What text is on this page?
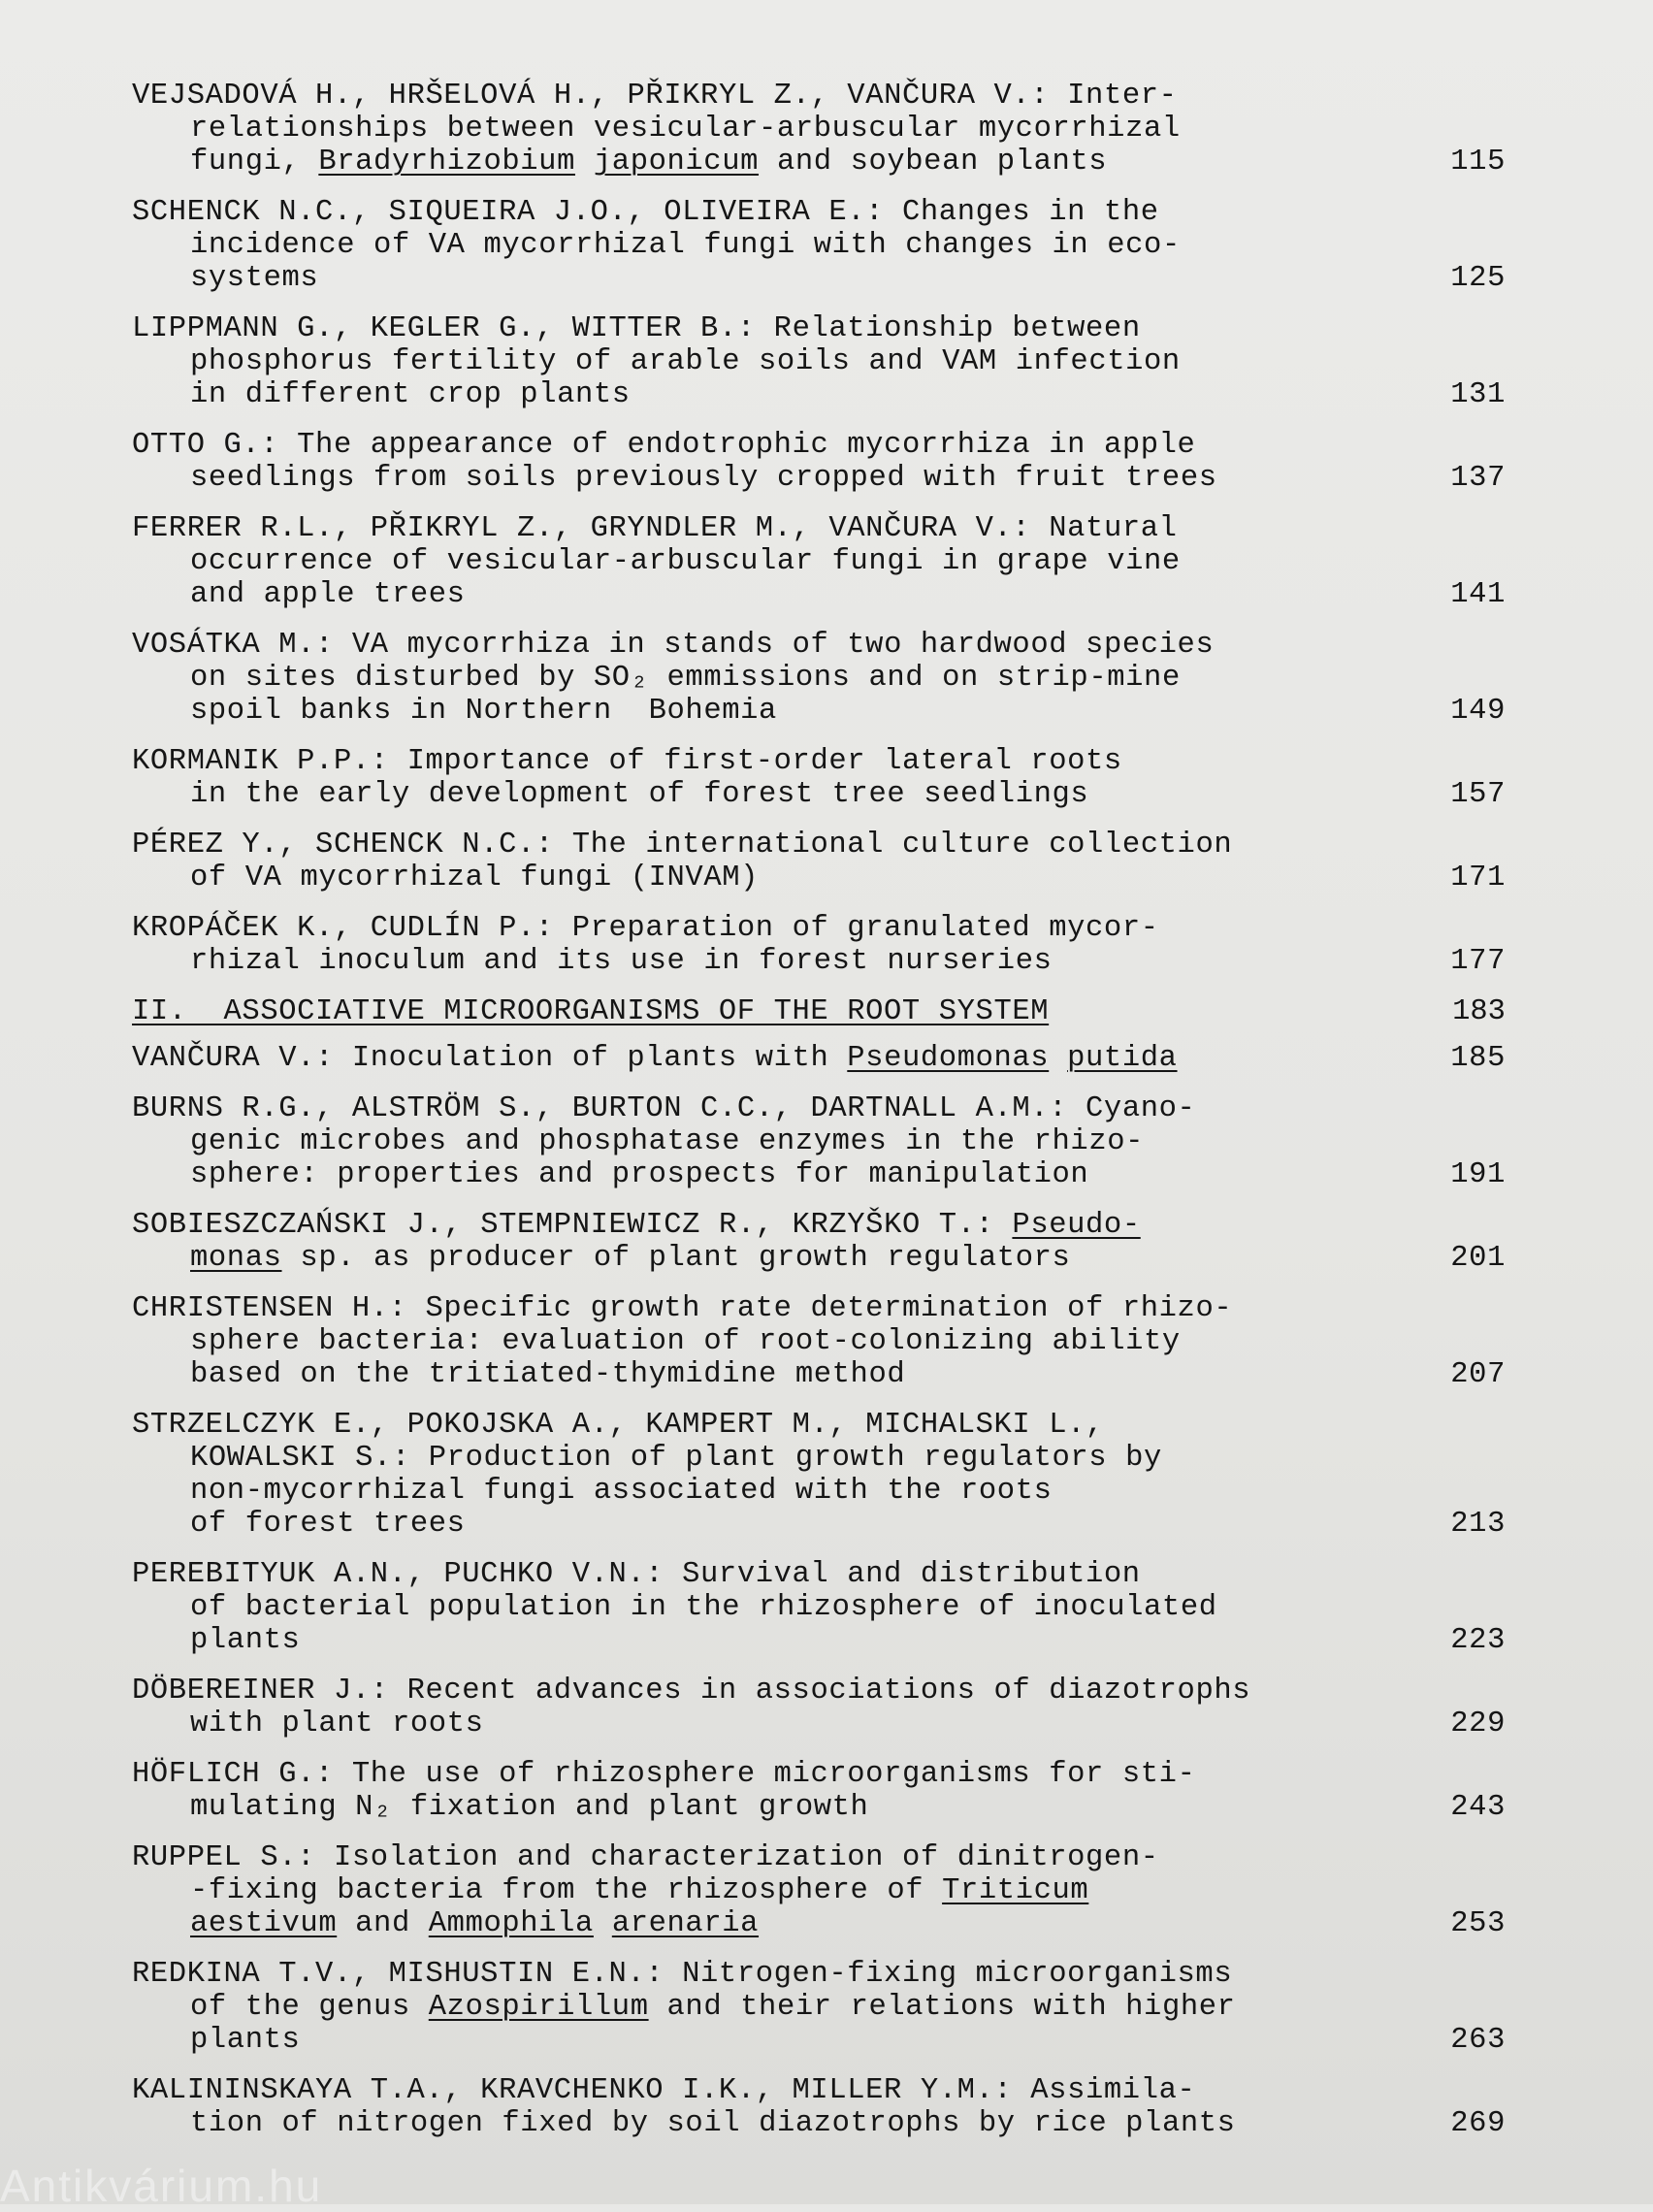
VEJSADOVÁ H., HRŠELOVÁ H., PŘIKRYL Z., VANČURA V.: Inter-
relationships between vesicular-arbuscular mycorrhizal
fungi, Bradyrhizobium japonicum and soybean plants	115
SCHENCK N.C., SIQUEIRA J.O., OLIVEIRA E.: Changes in the
incidence of VA mycorrhizal fungi with changes in eco-
systems	125
LIPPMANN G., KEGLER G., WITTER B.: Relationship between
phosphorus fertility of arable soils and VAM infection
in different crop plants	131
OTTO G.: The appearance of endotrophic mycorrhiza in apple
seedlings from soils previously cropped with fruit trees	137
FERRER R.L., PŘIKRYL Z., GRYNDLER M., VANČURA V.: Natural
occurrence of vesicular-arbuscular fungi in grape vine
and apple trees	141
VOSÁTKA M.: VA mycorrhiza in stands of two hardwood species
on sites disturbed by SO₂ emmissions and on strip-mine
spoil banks in Northern Bohemia	149
KORMANIK P.P.: Importance of first-order lateral roots
in the early development of forest tree seedlings	157
PÉREZ Y., SCHENCK N.C.: The international culture collection
of VA mycorrhizal fungi (INVAM)	171
KROPÁČEK K., CUDLÍN P.: Preparation of granulated mycor-
rhizal inoculum and its use in forest nurseries	177
II.  ASSOCIATIVE MICROORGANISMS OF THE ROOT SYSTEM	183
VANČURA V.: Inoculation of plants with Pseudomonas putida	185
BURNS R.G., ALSTRÖM S., BURTON C.C., DARTNALL A.M.: Cyano-
genic microbes and phosphatase enzymes in the rhizo-
sphere: properties and prospects for manipulation	191
SOBIESZCZAŃSKI J., STEMPNIEWICZ R., KRZYŠKO T.: Pseudo-
monas sp. as producer of plant growth regulators	201
CHRISTENSEN H.: Specific growth rate determination of rhizo-
sphere bacteria: evaluation of root-colonizing ability
based on the tritiated-thymidine method	207
STRZELCZYK E., POKOJSKA A., KAMPERT M., MICHALSKI L.,
KOWALSKI S.: Production of plant growth regulators by
non-mycorrhizal fungi associated with the roots
of forest trees	213
PEREBITYUK A.N., PUCHKO V.N.: Survival and distribution
of bacterial population in the rhizosphere of inoculated
plants	223
DÖBEREINER J.: Recent advances in associations of diazotrophs
with plant roots	229
HÖFLICH G.: The use of rhizosphere microorganisms for sti-
mulating N₂ fixation and plant growth	243
RUPPEL S.: Isolation and characterization of dinitrogen-
-fixing bacteria from the rhizosphere of Triticum
aestivum and Ammophila arenaria	253
REDKINA T.V., MISHUSTIN E.N.: Nitrogen-fixing microorganisms
of the genus Azospirillum and their relations with higher
plants	263
KALININSKAYA T.A., KRAVCHENKO I.K., MILLER Y.M.: Assimila-
tion of nitrogen fixed by soil diazotrophs by rice plants	269
Antikvárium.hu
